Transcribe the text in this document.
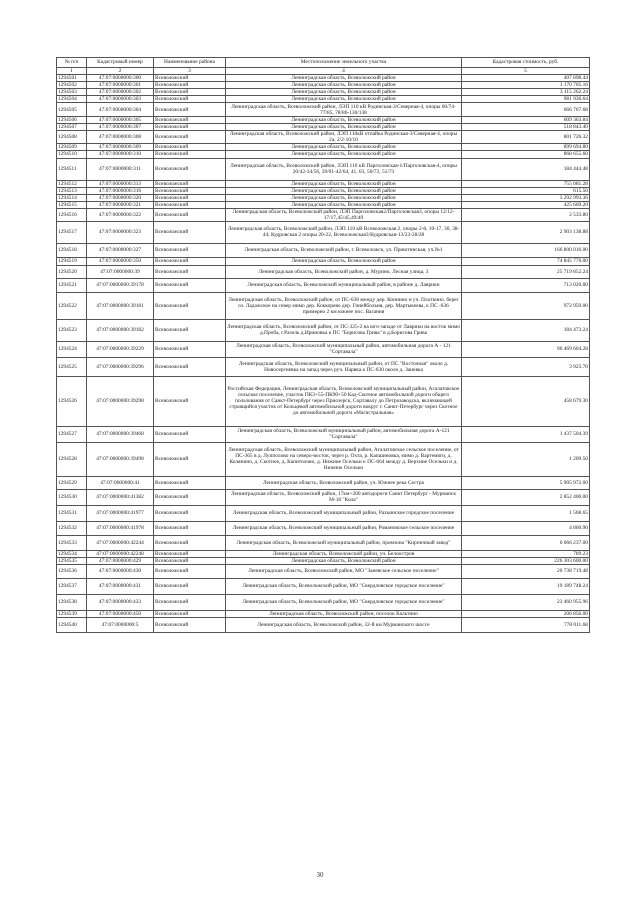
№ п/п	Кадастровый номер	Наименование района	Местоположение земельного участка	Кадастровая стоимость, руб.
1	2	3	4	5
1294501	47:07:0000000:300	Всеволожский	Ленинградская область, Всеволожский район	407 898.44
1294502	47:07:0000000:301	Всеволожский	Ленинградская область, Всеволожский район	1 170 705.16
1294503	47:07:0000000:302	Всеволожский	Ленинградская область, Всеволожский район	3 115 262.24
1294504	47:07:0000000:303	Всеволожский	Ленинградская область, Всеволожский район	981 936.64
1294505	47:07:0000000:304	Всеволожский	Ленинградская область, Всеволожский район, ЛЭП 110 кВ Родинская-3/Северная-4, опоры 66/74-77/85, 78/86-130/138	666 767.68
1294506	47:07:0000000:305	Всеволожский	Ленинградская область, Всеволожский район	609 363.84
1294507	47:07:0000000:307	Всеволожский	Ленинградская область, Всеволожский район	518 843.40
1294508	47:07:0000000:308	Всеволожский	Ленинградская область, Всеволожский район, ЛЭП 110кВ отпайка Родинская-3/Северная-4, опоры 2а, 2/2-10/10	801 726.32
1294509	47:07:0000000:309	Всеволожский	Ленинградская область, Всеволожский район	899 694.80
1294510	47:07:0000000:310	Всеволожский	Ленинградская область, Всеволожский район	868 655.60
1294511	47:07:0000000:311	Всеволожский	Ленинградская область, Всеволожский район, ЛЭП 110 кВ Парголовская-1/Парголовская-4, опоры 20/42-34/56, 39/61-42/64, 41, 63, 50/72, 51/73	184 444.48
1294512	47:07:0000000:313	Всеволожский	Ленинградская область, Всеволожский район	755 081.28
1294513	47:07:0000000:316	Всеволожский	Ленинградская область, Всеволожский район	615.50
1294514	47:07:0000000:320	Всеволожский	Ленинградская область, Всеволожский район	3 292 993.36
1294515	47:07:0000000:321	Всеволожский	Ленинградская область, Всеволожский район	425 669.20
1294516	47:07:0000000:322	Всеволожский	Ленинградская область, Всеволожский район, ЛЭП Парголовская2/Парголовская3, опоры 12/12-17/17,45/45,49/49	2 533.80
1294517	47:07:0000000:323	Всеволожский	Ленинградская область, Всеволожский район, ЛЭП 110 кВ Всеволожская 2, опоры 2-8, 10-17, 30, 38-44; Кудровская 2 опоры 20-22, Всеволожская3/Кудровская-13/23-28/28	2 903 138.88
1294518	47:07:0000000:327	Всеволожский	Ленинградская область, Всеволожский район, г. Всеволожск, ул. Приютинская, уч.№1	166 800 016.00
1294519	47:07:0000000:350	Всеволожский	Ленинградская область, Всеволожский район	74 845 776.00
1294520	47:07:0000000:39	Всеволожский	Ленинградская область, Всеволожский район, д. Мурино, Лесная улица, 3	25 719 852.24
1294521	47:07:0000000:39178	Всеволожский	Ленинградская область, Всеволожский муниципальный район, в районе д. Лаврики	713 020.00
1294522	47:07:0000000:39181	Всеволожский	Ленинградская область, Всеволожский район, от ПС-638 между дер. Коннино и уч. Плоткино, берег оз. Ладожское на север мимо дер. Коккорево дер. Гинейбольня, дер. Мартыкеева, к ПС -636 примерно 2 км южнее пос. Вагания	972 959.00
1294523	47:07:0000000:39182	Всеволожский	Ленинградская область, Всеволожский район, от ПС-325-2 на юго-западе от Лаврики на восток мимо д.Проба, г.Разоль д.Ириновка к ПС "Борисова Грива" в д.Борисова Грива	184 473.24
1294524	47:07:0000000:39229	Всеволожский	Ленинградская область, Всеволожский муниципальный район, автомобильная дорога А - 121 "Сортавала"	96 469 604.28
1294525	47:07:0000000:39296	Всеволожский	Ленинградская область, Всеволожский муниципальный район, от ПС "Восточная" около д. Новосергиевка на запад через руч. Нарвка к ПС-630 около д. Заневка	3 923.70
1294526	47:07:0000000:39298	Всеволожский	Российская Федерация, Ленинградская область, Всеволожский муниципальный район, Агалатовское сельское поселение, участок ПК3+55-ПК90+50 Кад-Скотное автомобильной дороги общего пользования от Санкт-Петербург через Приозерск, Сортавалу до Петрозаводска, включающей строящийся участок от Кольцевой автомобильной дороги вокруг г. Санкт-Петербург через Скотное до автомобильной дороги «Магистральная»	458 679.30
1294527	47:07:0000000:39468	Всеволожский	Ленинградская область, Всеволожский муниципальный район, автомобильная дорога А-121 "Сортавала"	1 437 504.39
1294528	47:07:0000000:39498	Всеволожский	Ленинградская область, Всеволожский муниципальный район, Агалатовское сельское поселение, от ПС-365 в д. Лупполово на северо-восток, через р. Охта, р. Капшиновка, мимо д. Вартемяги, д. Колянино, д. Скотное, д. Капитолово, д. Нижние Осельки к ПС-664 между д. Верхние Осельки и д. Нижние Осельки	1 209.50
1294529	47:07:0000000:41	Всеволожский	Ленинградская область, Всеволожский район, уч. Южнее река Сестра	5 905 972.00
1294530	47:07:0000000:41382	Всеволожский	Ленинградская область, Всеволожский район, 17км+200 автодороги Санкт Петербург - Мурманск М-18 "Кола"	2 852 400.00
1294531	47:07:0000000:41977	Всеволожский	Ленинградская область, Всеволожский муниципальный район, Рахьинское городское поселение	1 568.65
1294532	47:07:0000000:41978	Всеволожский	Ленинградская область, Всеволожский муниципальный район, Романовское сельское поселение	4 860.90
1294533	47:07:0000000:42244	Всеволожский	Ленинградская область, Всеволожский муниципальный район, промзона "Кирпичный завод"	6 066 237.00
1294534	47:07:0000000:42248	Всеволожский	Ленинградская область, Всеволожский район, уч. Белоостров	789.23
1294535	47:07:0000000:429	Всеволожский	Ленинградская область, Всеволожский район	226 303 600.00
1294536	47:07:0000000:430	Всеволожский	Ленинградская область, Всеволожский район, МО "Заневское сельское поселение"	20 738 719.48
1294537	47:07:0000000:431	Всеволожский	Ленинградская область, Всеволожский район, МО "Свердловское городское поселение"	19 189 748.24
1294538	47:07:0000000:433	Всеволожский	Ленинградская область, Всеволожский район, МО "Свердловское городское поселение"	23 460 955.96
1294539	47:07:0000000:450	Всеволожский	Ленинградская область, Всеволожский район, поселок Кальтино	206 856.00
1294540	47:07:0000000:5	Всеволожский	Ленинградская область, Всеволожский район, 32-й км Мурманского шоссе	778 011.68
30
